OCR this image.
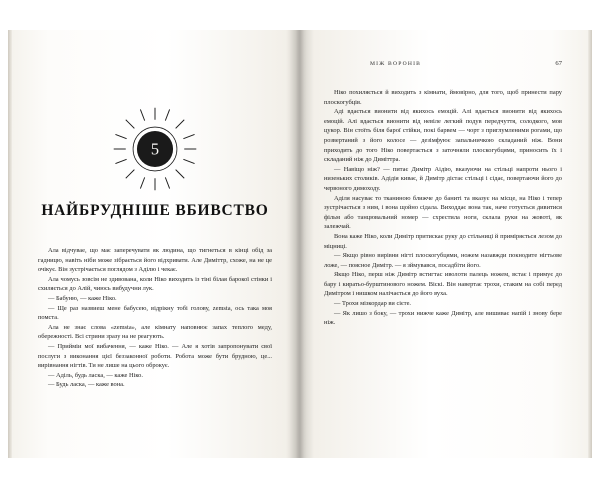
5
НАЙБРУДНІШЕ ВБИВСТВО

Ала відчувае, що має заперечувати як людина, що тигнетьcя в кінці обід за гадницю, навіть ніби може зібрається його відхривати. Але Диміттр, схоже, на не це очікує. Він зустрічається поглядом з Аділю і чекає.

Ала чомусь зовсім не здивована, коли Ніко виходить із тіні білая барокої стінки і схиляється до Алій, чиюсь вибудучни лук.

— Бабуню, — каже Ніко.

— Ще раз назвиеш мене бабусею, відрікну тобі голову, zemsta, ось така моя помста.

Ала не знає слова «zemsta», але кімнату наповнює запах теплого меду, обережності. Всі стрини зразу на не реагують.

— Прийміи мої вибачення, — каже Ніко. — Але я хотів запропонувати свої послуги з виконання цієї беззаконної роботи. Робота може бути брудною, це... вирівнання нігтів. Ти не лише на цього оброкує.

— Аділь, будь ласка, — каже Ніко.

— Будь ласка, — каже вона.

МІЖ ВОРОНІВ	67

Ніко похиляється й виходить з кімнати, ймовірно, для того, щоб принести пару плоскогубців.

Аді вдається вионити від якихось емоцій. Алі вдається вионити від якихось емоцій. Алі вдається вионити від невіле легкий подув передчуття, солодкого, мов цукор. Він стоїть біля барої стійки, покі барвем — чорт з приглумленими рогами, що розвертаний з його колосе — дезімфуює запальничкою складаний ніж. Вони приходить до того Ніко повертається з заточняли плоскогубцями, приносить їх і складаний ніж до Диміттра.

— Навіщо ніж? — питає Димітр Аідію, вказуючи на стільці напроти нього і низеньких столиків. Адідія киває, й Димітр дістає стільці і сідає, повертаючи його до червоного димоходу.

Аділя насуває то тканиною ближче до баниті та вказує на місце, на Ніко і тепер зустрічається з ним, і вона щойно сідала. Виходдає вона так, наче готується дивитися фільм або танцювальний номер — схрестила ноги, склала руки на жовоті, як залежчай.

Вона каже Ніко, коли Димітр притискає руку до стільниці й приміряється лезом до міцниці.

— Якщо рівно вирівни нігті плоскогубцями, ножем назавжди покнодите нігтьове ложе, — поясное Димітр. — я зймувався, посадбіти його.

Якщо Ніко, перш ніж Димітр встигтас иволоти палець ножем, встає і примує до бару і киратьо-бурштинового ножем. Віскі. Він навертає трохи, стаким на собі перед Димітром і нишком налічається до його вуха.

— Трохи мізкордар ви сієте.

— Як лишо з боку, — трохи нижче каже Димітр, але вишиває напій і знову бере ніж.
